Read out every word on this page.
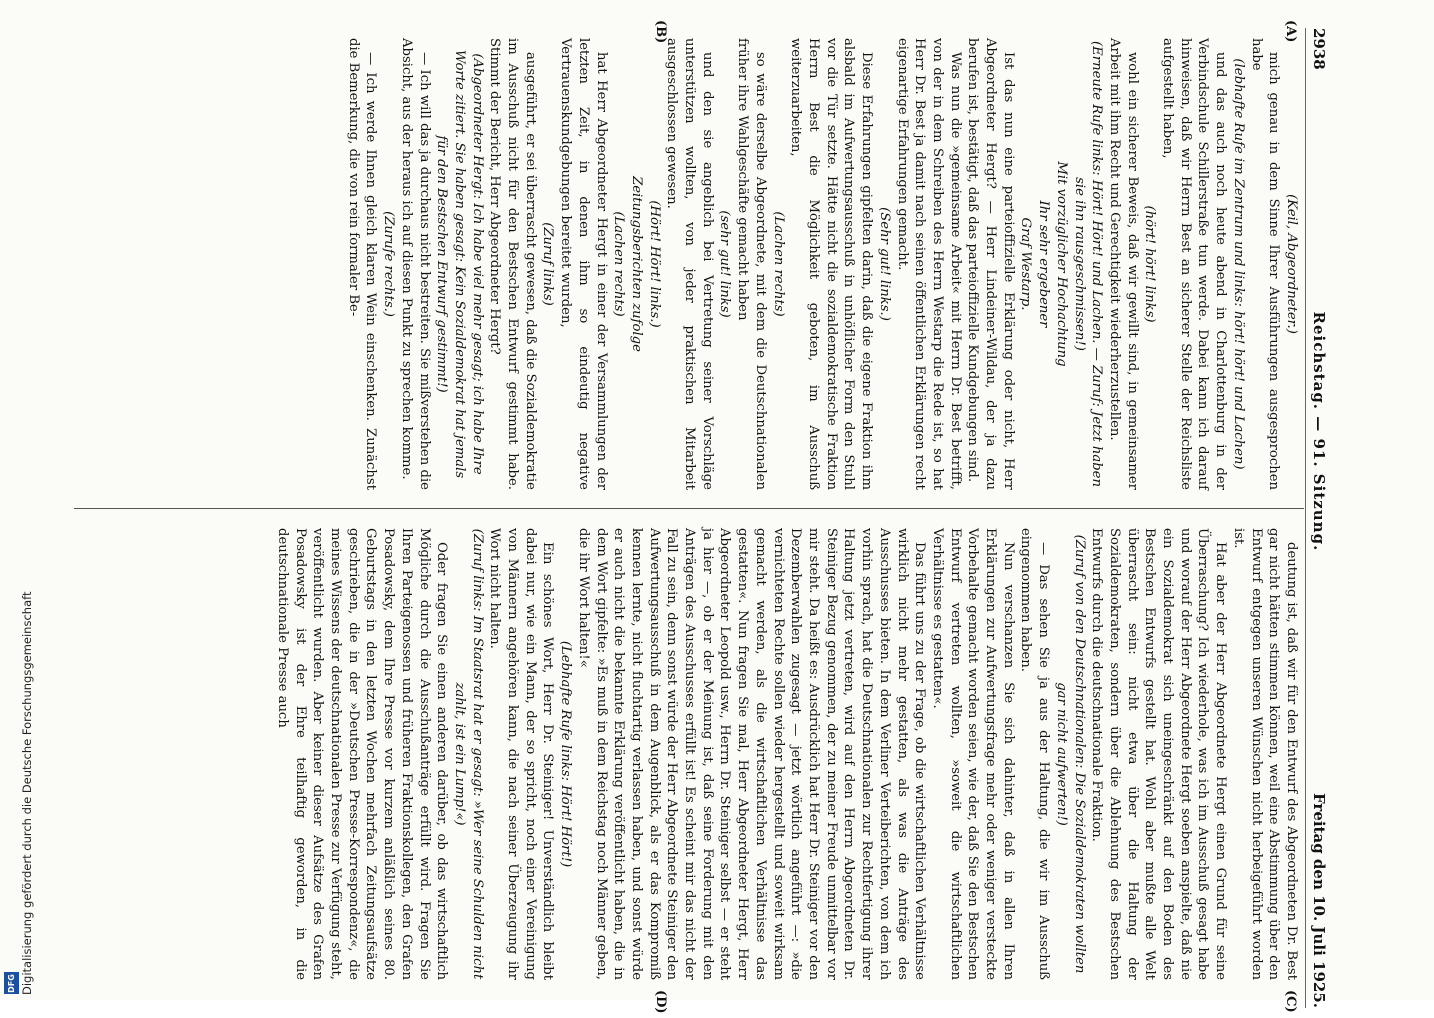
2938
Reichstag. — 91. Sitzung.
Freitag den 10. Juli 1925.
(A)
(B)
(C)
(D)

(Keil, Abgeordneter.)

mich genau in dem Sinne Ihrer Ausführungen ausgesprochen habe

(lebhafte Rufe im Zentrum und links: hört! hört! und Lachen)

und das auch noch heute abend in Charlottenburg in der Verbindschule Schillerstraße tun werde. Dabei kann ich darauf hinweisen, daß wir Herrn Best an sicherer Stelle der Reichsliste aufgestellt haben,

(hört! hört! links)

wohl ein sicherer Beweis, daß wir gewillt sind, in gemeinsamer Arbeit mit ihm Recht und Gerechtigkeit wiederherzustellen.

(Erneute Rufe links: Hört! Hört! und Lachen. — Zuruf: Jetzt haben sie ihn rausgeschmissen!)

Mit vorzüglicher Hochachtung

Ihr sehr ergebener

Graf Westarp.

Ist das nun eine parteioffizielle Erklärung oder nicht, Herr Abgeordneter Hergt? — Herr Lindeiner-Wildau, der ja dazu berufen ist, bestätigt, daß das parteioffizielle Kundgebungen sind.

Was nun die »gemeinsame Arbeit« mit Herrn Dr. Best betrifft, von der in dem Schreiben des Herrn Westarp die Rede ist, so hat Herr Dr. Best ja damit nach seinen öffentlichen Erklärungen recht eigenartige Erfahrungen gemacht.

(Sehr gut! links.)

Diese Erfahrungen gipfelten darin, daß die eigene Fraktion ihm alsbald im Aufwertungsausschuß in unhöflicher Form den Stuhl vor die Tür setzte. Hätte nicht die sozialdemokratische Fraktion Herrn Best die Möglichkeit geboten, im Ausschuß weiterzuarbeiten,

(Lachen rechts)

so wäre derselbe Abgeordnete, mit dem die Deutschnationalen früher ihre Wahlgeschäfte gemacht haben

(sehr gut! links)

und den sie angeblich bei Vertretung seiner Vorschläge unterstützen wollten, von jeder praktischen Mitarbeit ausgeschlossen gewesen.

(Hört! Hört! links.)

Zeitungsberichten zufolge

(Lachen rechts)

hat Herr Abgeordneter Hergt in einer der Versammlungen der letzten Zeit, in denen ihm so eindeutig negative Vertrauenskundgebungen bereitet wurden,

(Zuruf links)

ausgeführt, er sei überrascht gewesen, daß die Sozialdemokratie im Ausschuß nicht für den Bestschen Entwurf gestimmt habe. Stimmt der Bericht, Herr Abgeordneter Hergt?

(Abgeordneter Hergt: Ich habe viel mehr gesagt; ich habe Ihre Worte zitiert. Sie haben gesagt: Kein Sozialdemokrat hat jemals für den Bestschen Entwurf gestimmt!)

— Ich will das ja durchaus nicht bestreiten. Sie mißverstehen die Absicht, aus der heraus ich auf diesen Punkt zu sprechen komme.

(Zurufe rechts.)

— Ich werde Ihnen gleich klaren Wein einschenken. Zunächst die Bemerkung, die von rein formaler Be-

deutung ist, daß wir für den Entwurf des Abgeordneten Dr. Best gar nicht hätten stimmen können, weil eine Abstimmung über den Entwurf entgegen unseren Wünschen nicht herbeigeführt worden ist.

Hat aber der Herr Abgeordnete Hergt einen Grund für seine Überraschung? Ich wiederhole, was ich im Ausschuß gesagt habe und worauf der Herr Abgeordnete Hergt soeben anspielte, daß nie ein Sozialdemokrat sich uneingeschränkt auf den Boden des Bestschen Entwurfs gestellt hat. Wohl aber mußte alle Welt überrascht sein: nicht etwa über die Haltung der Sozialdemokraten, sondern über die Ablehnung des Bestschen Entwurfs durch die deutschnationale Fraktion.

(Zuruf von den Deutschnationalen: Die Sozialdemokraten wollten gar nicht aufwerten!)

— Das sehen Sie ja aus der Haltung, die wir im Ausschuß eingenommen haben.

Nun verschanzen Sie sich dahinter, daß in allen Ihren Erklärungen zur Aufwertungsfrage mehr oder weniger versteckte Vorbehalte gemacht worden seien, wie der, daß Sie den Bestschen Entwurf vertreten wollten, »soweit die wirtschaftlichen Verhältnisse es gestatten«.

Das führt uns zu der Frage, ob die wirtschaftlichen Verhältnisse wirklich nicht mehr gestatten, als was die Anträge des Ausschusses bieten. In dem Verliner Verteiberichten, von dem ich vorhin sprach, hat die Deutschnationalen zur Rechtfertigung ihrer Haltung jetzt vertreten, wird auf den Herrn Abgeordneten Dr. Steiniger Bezug genommen, der zu meiner Freude unmittelbar vor mir steht. Da heißt es: Ausdrücklich hat Herr Dr. Steiniger vor den Dezemberwahlen zugesagt — jetzt wörtlich angeführt —: »die vernichteten Rechte sollen wieder hergestellt und soweit wirksam gemacht werden, als die wirtschaftlichen Verhältnisse das gestatten«. Nun fragen Sie mal, Herr Abgeordneter Hergt, Herr Abgeordneter Leopold usw., Herrn Dr. Steiniger selbst — er steht ja hier —, ob er der Meinung ist, daß seine Forderung mit den Anträgen des Ausschusses erfüllt ist! Es scheint mir das nicht der Fall zu sein, denn sonst würde der Herr Abgeordnete Steiniger den Aufwertungsausschuß in dem Augenblick, als er das Kompromiß kennen lernte, nicht fluchtartig verlassen haben, und sonst würde er auch nicht die bekannte Erklärung veröffentlicht haben, die in dem Wort gipfelte: »Es muß in dem Reichstag noch Männer geben, die ihr Wort halten!«

(Lebhafte Rufe links: Hört! Hört!)

Ein schönes Wort, Herr Dr. Steiniger! Unverständlich bleibt dabei nur, wie ein Mann, der so spricht, noch einer Vereinigung von Männern angehören kann, die nach seiner Überzeugung ihr Wort nicht halten.

(Zuruf links: Im Staatsrat hat er gesagt: »Wer seine Schulden nicht zahlt, ist ein Lump!«)

Oder fragen Sie einen anderen darüber, ob das wirtschaftlich Mögliche durch die Ausschußanträge erfüllt wird. Fragen Sie Ihren Parteigenossen und früheren Fraktionskollegen, den Grafen Posadowsky, dem Ihre Presse vor kurzem anläßlich seines 80. Geburtstags in den letzten Wochen mehrfach Zeitungsaufsätze geschrieben, die in der »Deutschen Presse-Korrespondenz«, die meines Wissens der deutschnationalen Presse zur Verfügung steht, veröffentlicht wurden. Aber keiner dieser Aufsätze des Grafen Posadowsky ist der Ehre teilhaftig geworden, in die deutschnationale Presse auch

Digitalisierung gefördert durch die Deutsche Forschungsgemeinschaft
DFG
